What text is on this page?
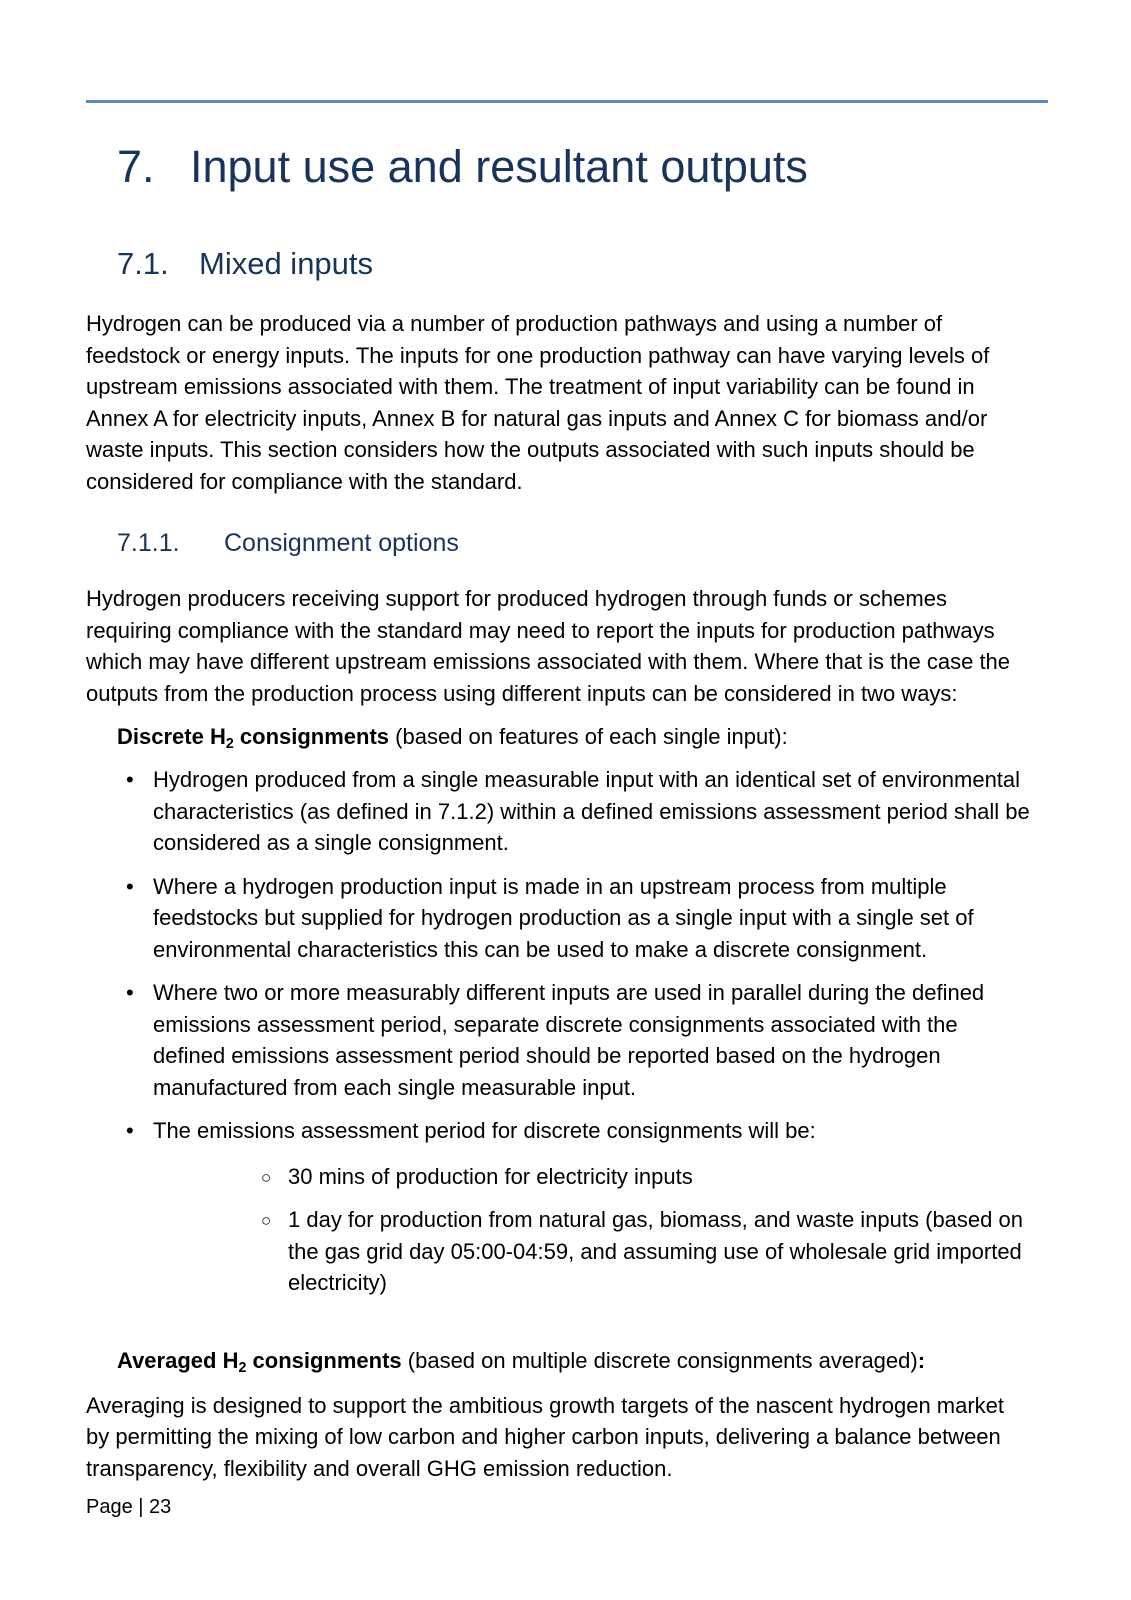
7. Input use and resultant outputs
7.1. Mixed inputs

Hydrogen can be produced via a number of production pathways and using a number of feedstock or energy inputs. The inputs for one production pathway can have varying levels of upstream emissions associated with them. The treatment of input variability can be found in Annex A for electricity inputs, Annex B for natural gas inputs and Annex C for biomass and/or waste inputs. This section considers how the outputs associated with such inputs should be considered for compliance with the standard.

7.1.1. Consignment options

Hydrogen producers receiving support for produced hydrogen through funds or schemes requiring compliance with the standard may need to report the inputs for production pathways which may have different upstream emissions associated with them. Where that is the case the outputs from the production process using different inputs can be considered in two ways:

Discrete $H_2$ consignments (based on features of each single input):
• Hydrogen produced from a single measurable input with an identical set of environmental characteristics (as defined in 7.1.2) within a defined emissions assessment period shall be considered as a single consignment.
• Where a hydrogen production input is made in an upstream process from multiple feedstocks but supplied for hydrogen production as a single input with a single set of environmental characteristics this can be used to make a discrete consignment.
• Where two or more measurably different inputs are used in parallel during the defined emissions assessment period, separate discrete consignments associated with the defined emissions assessment period should be reported based on the hydrogen manufactured from each single measurable input.
• The emissions assessment period for discrete consignments will be:
○ 30 mins of production for electricity inputs
○ 1 day for production from natural gas, biomass, and waste inputs (based on the gas grid day 05:00-04:59, and assuming use of wholesale grid imported electricity)
Averaged $H_2$ consignments (based on multiple discrete consignments averaged):

Averaging is designed to support the ambitious growth targets of the nascent hydrogen market by permitting the mixing of low carbon and higher carbon inputs, delivering a balance between transparency, flexibility and overall GHG emission reduction.

Page | 23
